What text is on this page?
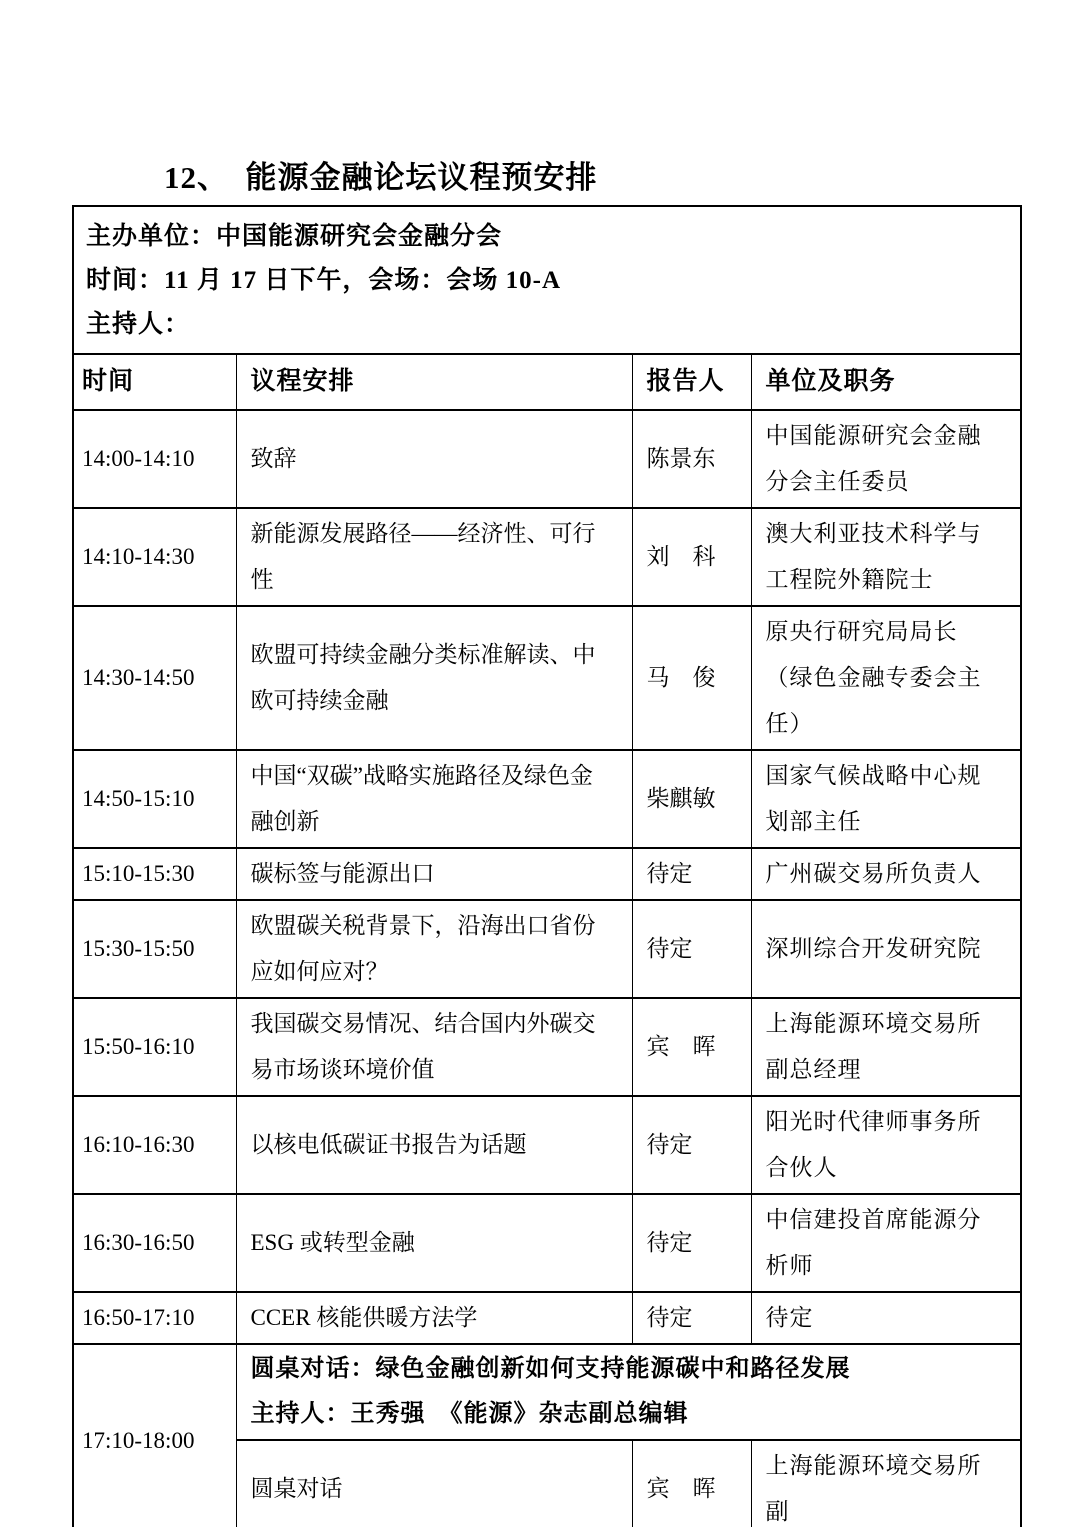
12、　能源金融论坛议程预安排
主办单位：中国能源研究会金融分会
时间：11 月 17 日下午，会场：会场 10-A
主持人：			

时间	议程安排	报告人	单位及职务
14:00-14:10	致辞	陈景东	中国能源研究会金融分会主任委员
14:10-14:30	新能源发展路径——经济性、可行性	刘　科	澳大利亚技术科学与工程院外籍院士
14:30-14:50	欧盟可持续金融分类标准解读、中欧可持续金融	马　俊	原央行研究局局长（绿色金融专委会主任）
14:50-15:10	中国“双碳”战略实施路径及绿色金融创新	柴麒敏	国家气候战略中心规划部主任
15:10-15:30	碳标签与能源出口	待定	广州碳交易所负责人
15:30-15:50	欧盟碳关税背景下，沿海出口省份应如何应对？	待定	深圳综合开发研究院
15:50-16:10	我国碳交易情况、结合国内外碳交易市场谈环境价值	宾　晖	上海能源环境交易所副总经理
16:10-16:30	以核电低碳证书报告为话题	待定	阳光时代律师事务所合伙人
16:30-16:50	ESG 或转型金融	待定	中信建投首席能源分析师
16:50-17:10	CCER 核能供暖方法学	待定	待定
17:10-18:00	圆桌对话：绿色金融创新如何支持能源碳中和路径发展
主持人：王秀强　《能源》杂志副总编辑		

	圆桌对话	宾　晖	上海能源环境交易所副
